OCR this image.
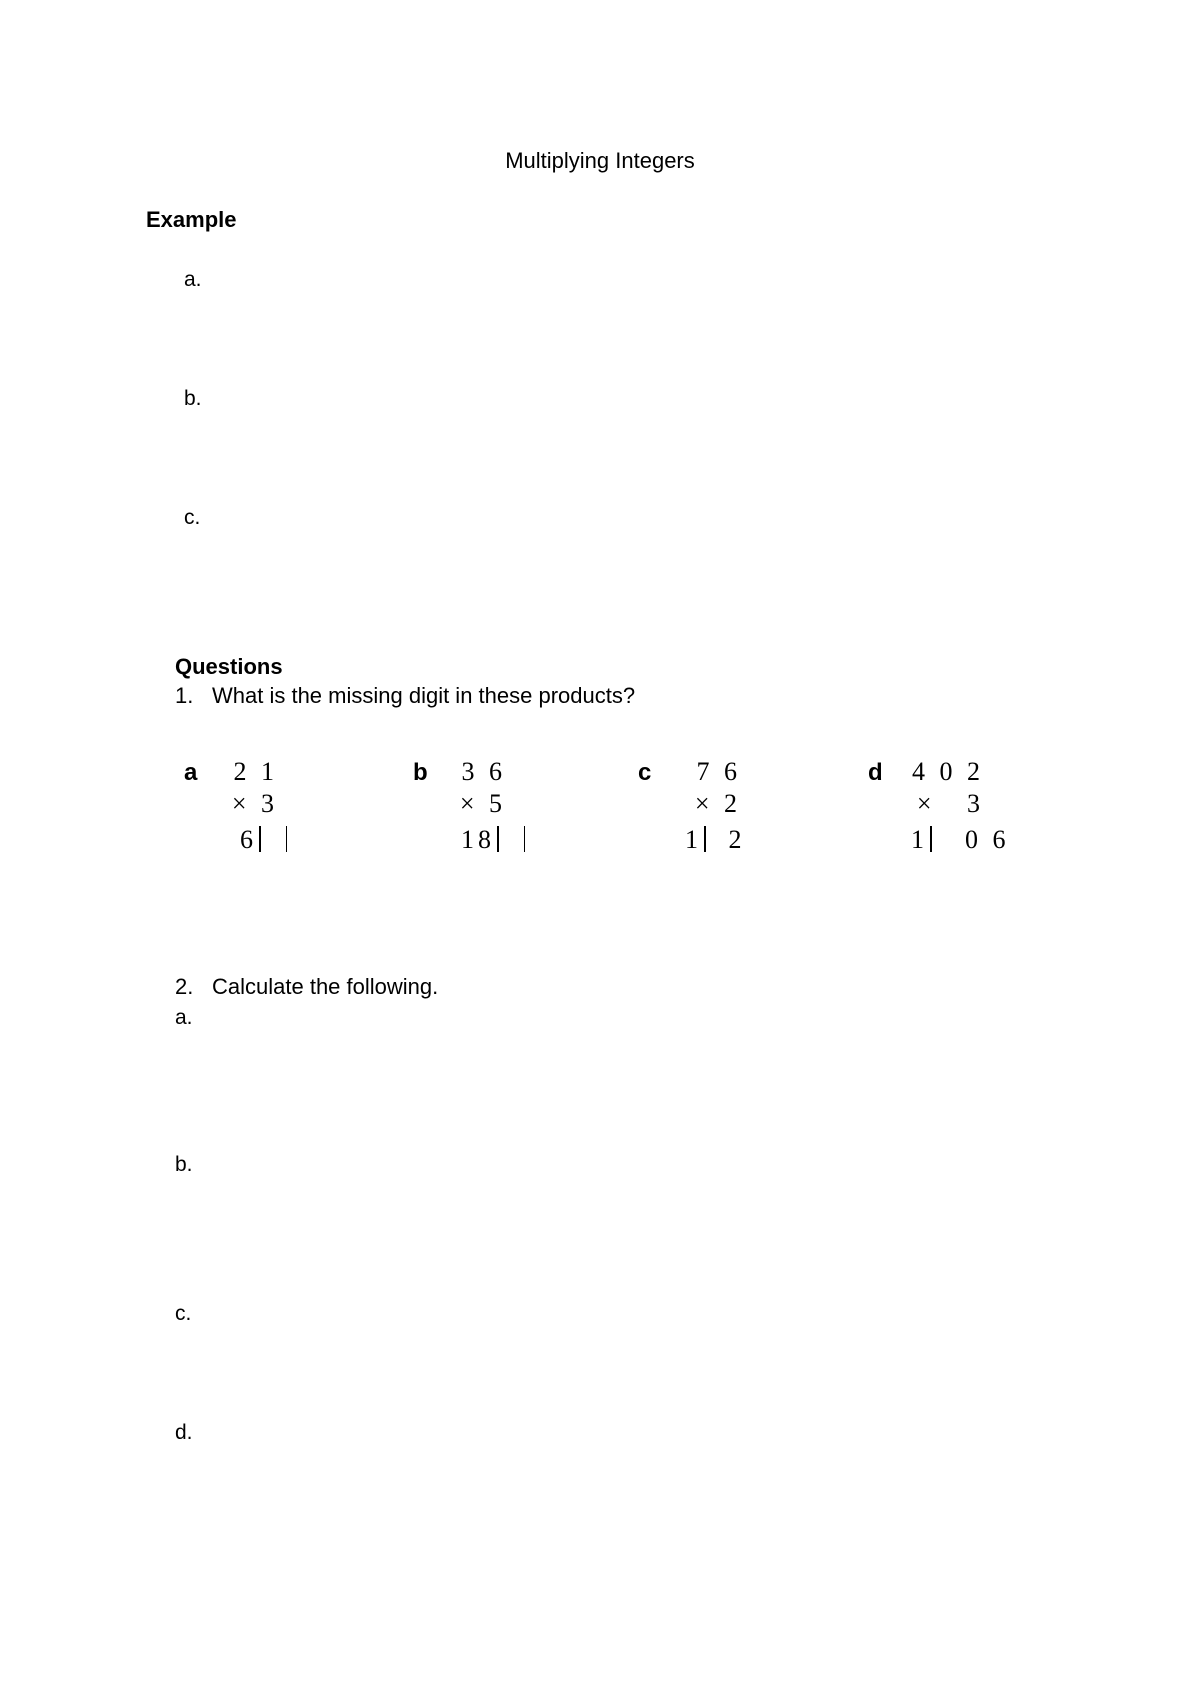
Multiplying Integers
Example
a.
b.
c.
Questions
1. What is the missing digit in these products?
a 2 1
× 3
6
b 3 6
× 5
18
c 7 6
× 2
1 2
d 4 0 2
×   3
1 0 6
2. Calculate the following.
a.
b.
c.
d.
